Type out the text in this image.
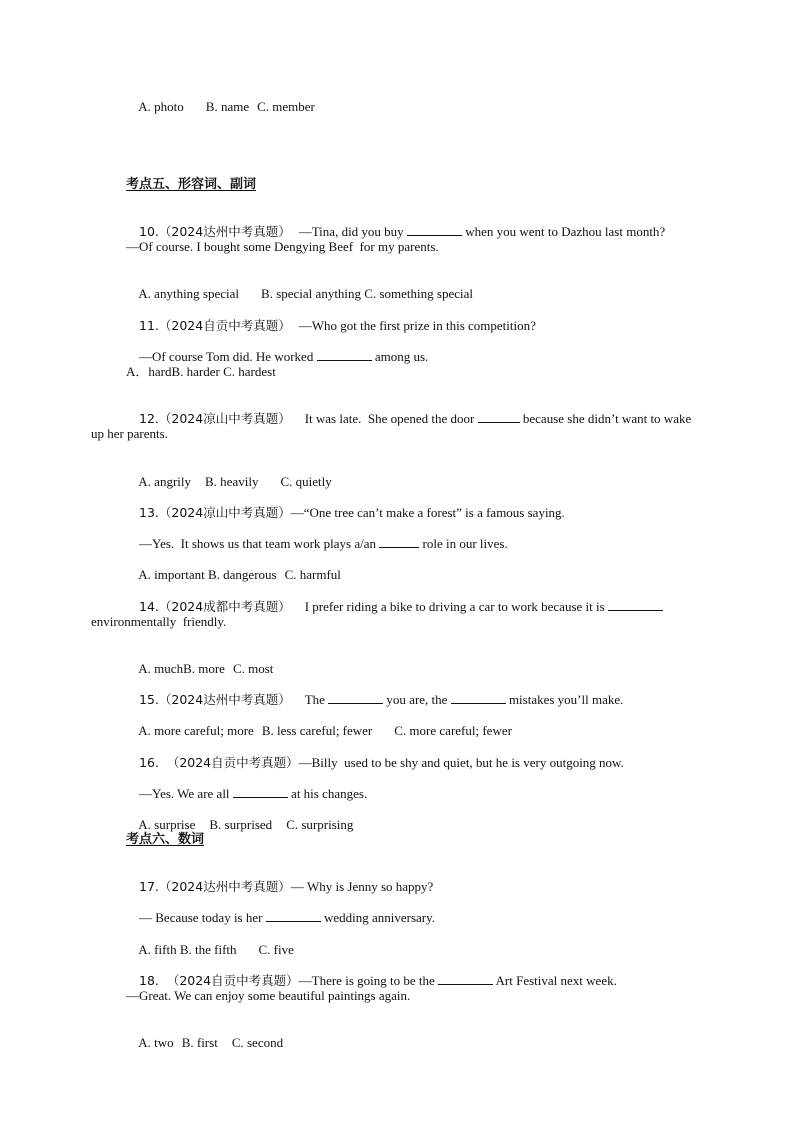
A. photo B. name C. member

考点五、形容词、副词

10.（2024达州中考真题） —Tina, did you buy	when you went to Dazhou last month?

—Of course. I bought some Dengying Beef  for my parents.

A. anything special B. special anything C. something special

11.（2024自贡中考真题） —Who got the first prize in this competition?

—Of course Tom did. He worked	among us.

A．hardB. harder C. hardest

12.（2024凉山中考真题） It was late.  She opened the door	because she didn’t want to wake

up her parents.

A. angrily B. heavily C. quietly

13.（2024凉山中考真题）—“One tree can’t make a forest” is a famous saying.

—Yes.  It shows us that team work plays a/an	role in our lives.

A. important B. dangerous C. harmful

14.（2024成都中考真题） I prefer riding a bike to driving a car to work because it is

environmentally  friendly.

A. muchB. more C. most

15.（2024达州中考真题） The	you are, the	mistakes you’ll make.

A. more careful; more B. less careful; fewer C. more careful; fewer

16.  （2024自贡中考真题）—Billy  used to be shy and quiet, but he is very outgoing now.

—Yes. We are all	at his changes.

A. surprise B. surprised C. surprising

考点六、数词

17.（2024达州中考真题）— Why is Jenny so happy?

— Because today is her	wedding anniversary.

A. fifth B. the fifth C. five

18.  （2024自贡中考真题）—There is going to be the	Art Festival next week.

—Great. We can enjoy some beautiful paintings again.

A. two B. first C. second
